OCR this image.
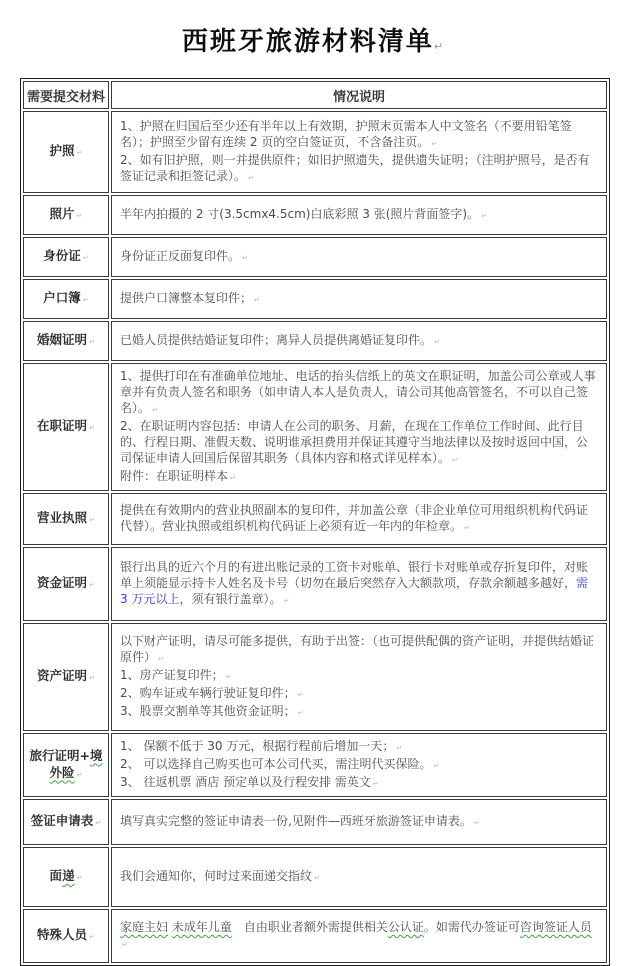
西班牙旅游材料清单↵
需要提交材料	情况说明
护照 ↵	1、护照在归国后至少还有半年以上有效期，护照末页需本人中文签名（不要用铅笔签名）；护照至少留有连续 2 页的空白签证页，不含备注页。 ↵
2、如有旧护照，则一并提供原件；如旧护照遗失，提供遗失证明；（注明护照号，是否有签证记录和拒签记录）。 ↵

照片 ↵	半年内拍摄的 2 寸(3.5cmx4.5cm)白底彩照 3 张(照片背面签字)。 ↵

身份证 ↵	身份证正反面复印件。 ↵

户口簿 ↵	提供户口簿整本复印件； ↵

婚姻证明 ↵	已婚人员提供结婚证复印件；离异人员提供离婚证复印件。 ↵

在职证明 ↵	1、提供打印在有准确单位地址、电话的抬头信纸上的英文在职证明，加盖公司公章或人事章并有负责人签名和职务（如申请人本人是负责人，请公司其他高管签名，不可以自己签名）。 ↵
2、在职证明内容包括：申请人在公司的职务、月薪，在现在工作单位工作时间、此行目的、行程日期、准假天数、说明谁承担费用并保证其遵守当地法律以及按时返回中国，公司保证申请人回国后保留其职务（具体内容和格式详见样本）。 ↵
附件：在职证明样本 ↵

营业执照 ↵	提供在有效期内的营业执照副本的复印件，并加盖公章（非企业单位可用组织机构代码证代替）。营业执照或组织机构代码证上必须有近一年内的年检章。 ↵

资金证明 ↵	银行出具的近六个月的有进出账记录的工资卡对账单、银行卡对账单或存折复印件，对账单上须能显示持卡人姓名及卡号（切勿在最后突然存入大额款项，存款余额越多越好，需 3 万元以上，须有银行盖章）。 ↵

资产证明 ↵	以下财产证明，请尽可能多提供，有助于出签：（也可提供配偶的资产证明，并提供结婚证原件） ↵
1、房产证复印件； ↵
2、购车证或车辆行驶证复印件； ↵
3、股票交割单等其他资金证明； ↵

旅行证明+境外险 ↵	1、 保额不低于 30 万元，根据行程前后增加一天； ↵
2、 可以选择自己购买也可本公司代买，需注明代买保险。 ↵
3、 往返机票 酒店 预定单以及行程安排 需英文 ↵

签证申请表 ↵	填写真实完整的签证申请表一份,见附件—西班牙旅游签证申请表。 ↵

面递 ↵	我们会通知你，何时过来面递交指纹 ↵

特殊人员 ↵	家庭主妇 未成年儿童　自由职业者额外需提供相关公认证。如需代办签证可咨询签证人员 ↵
